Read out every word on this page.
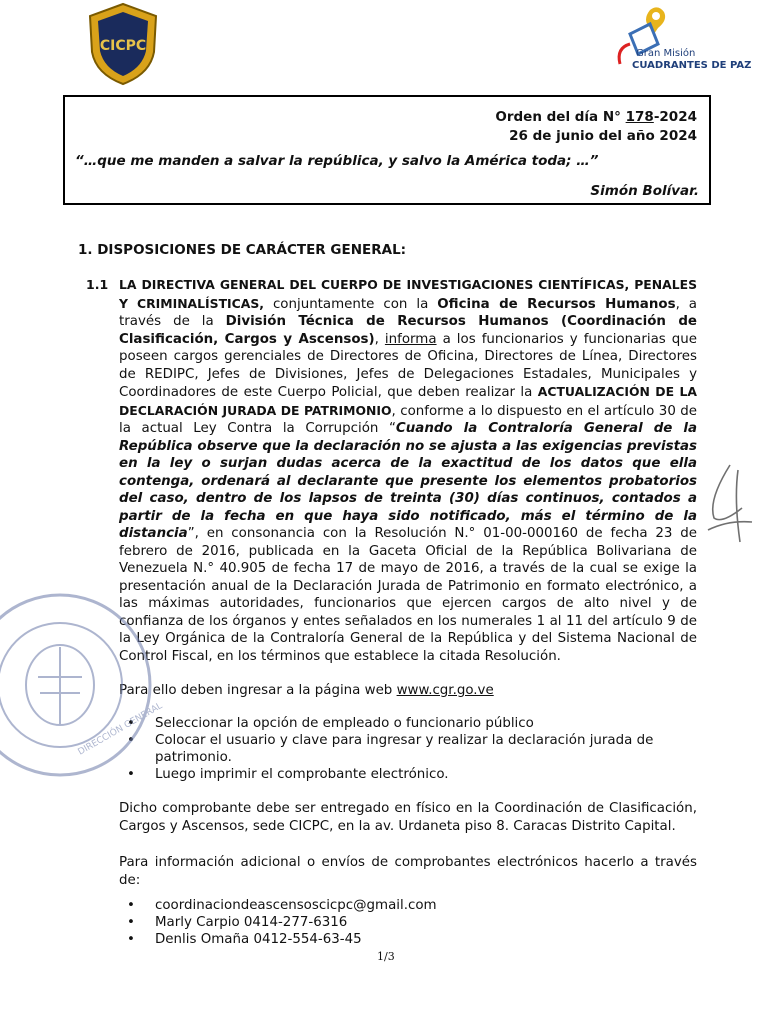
CICPC	Gran Misión
CUADRANTES DE PAZ
Orden del día N° 178-2024
26 de junio del año 2024
“…que me manden a salvar la república, y salvo la América toda; …”
Simón Bolívar.
1. DISPOSICIONES DE CARÁCTER GENERAL:
1.1 LA DIRECTIVA GENERAL DEL CUERPO DE INVESTIGACIONES CIENTÍFICAS, PENALES Y CRIMINALÍSTICAS, conjuntamente con la Oficina de Recursos Humanos, a través de la División Técnica de Recursos Humanos (Coordinación de Clasificación, Cargos y Ascensos), informa a los funcionarios y funcionarias que poseen cargos gerenciales de Directores de Oficina, Directores de Línea, Directores de REDIPC, Jefes de Divisiones, Jefes de Delegaciones Estadales, Municipales y Coordinadores de este Cuerpo Policial, que deben realizar la ACTUALIZACIÓN DE LA DECLARACIÓN JURADA DE PATRIMONIO, conforme a lo dispuesto en el artículo 30 de la actual Ley Contra la Corrupción “Cuando la Contraloría General de la República observe que la declaración no se ajusta a las exigencias previstas en la ley o surjan dudas acerca de la exactitud de los datos que ella contenga, ordenará al declarante que presente los elementos probatorios del caso, dentro de los lapsos de treinta (30) días continuos, contados a partir de la fecha en que haya sido notificado, más el término de la distancia”, en consonancia con la Resolución N.° 01-00-000160 de fecha 23 de febrero de 2016, publicada en la Gaceta Oficial de la República Bolivariana de Venezuela N.° 40.905 de fecha 17 de mayo de 2016, a través de la cual se exige la presentación anual de la Declaración Jurada de Patrimonio en formato electrónico, a las máximas autoridades, funcionarios que ejercen cargos de alto nivel y de confianza de los órganos y entes señalados en los numerales 1 al 11 del artículo 9 de la Ley Orgánica de la Contraloría General de la República y del Sistema Nacional de Control Fiscal, en los términos que establece la citada Resolución.
Para ello deben ingresar a la página web www.cgr.go.ve
• Seleccionar la opción de empleado o funcionario público
• Colocar el usuario y clave para ingresar y realizar la declaración jurada de patrimonio.
• Luego imprimir el comprobante electrónico.
Dicho comprobante debe ser entregado en físico en la Coordinación de Clasificación, Cargos y Ascensos, sede CICPC, en la av. Urdaneta piso 8. Caracas Distrito Capital.
Para información adicional o envíos de comprobantes electrónicos hacerlo a través de:
• coordinaciondeascensoscicpc@gmail.com
• Marly Carpio 0414-277-6316
• Denlis Omaña 0412-554-63-45
1/3
DIRECCIÓN GENERAL
